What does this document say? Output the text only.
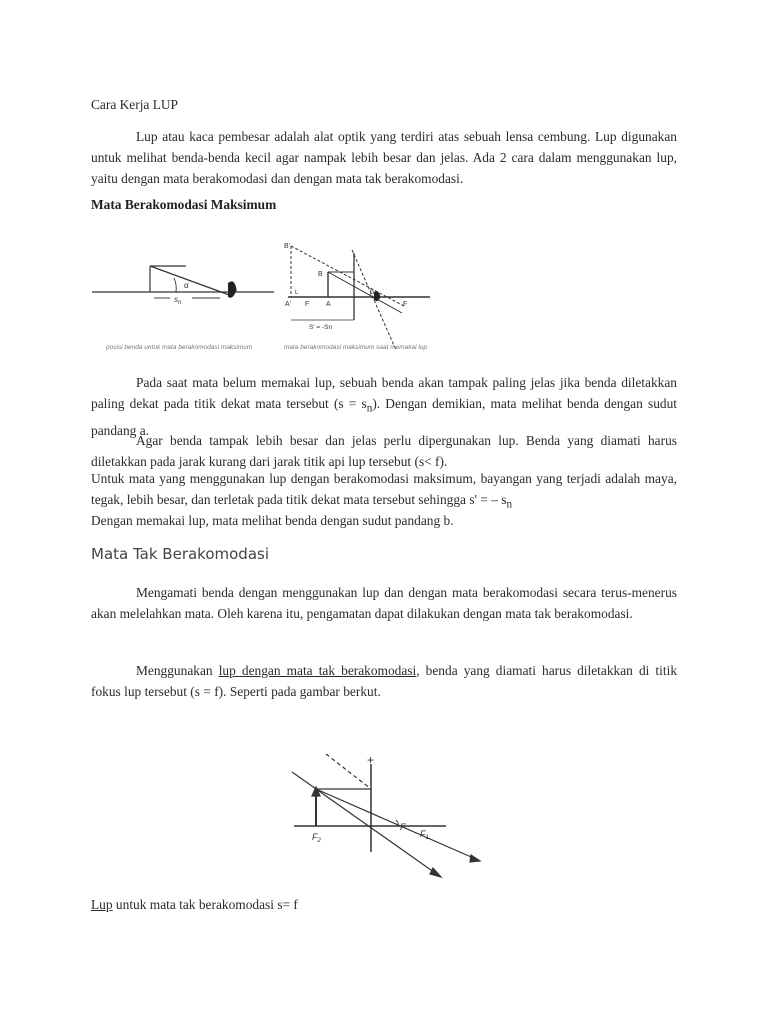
Cara Kerja LUP

Lup atau kaca pembesar adalah alat optik yang terdiri atas sebuah lensa cembung. Lup digunakan untuk melihat benda-benda kecil agar nampak lebih besar dan jelas. Ada 2 cara dalam menggunakan lup, yaitu dengan mata berakomodasi dan dengan mata tak berakomodasi.

Mata Berakomodasi Maksimum

α
$s_n$
posisi benda untuk mata berakomodasi maksimum
B'
B
L
A' F A	F
β
S' = -Sn
mata berakomodasi maksimum saat memakai lup

Pada saat mata belum memakai lup, sebuah benda akan tampak paling jelas jika benda diletakkan paling dekat pada titik dekat mata tersebut $(s = s_n)$. Dengan demikian, mata melihat benda dengan sudut pandang a.

Agar benda tampak lebih besar dan jelas perlu dipergunakan lup. Benda yang diamati harus diletakkan pada jarak kurang dari jarak titik api lup tersebut (s< f).

Untuk mata yang menggunakan lup dengan berakomodasi maksimum, bayangan yang terjadi adalah maya, tegak, lebih besar, dan terletak pada titik dekat mata tersebut sehingga s' = – $s_n$

Dengan memakai lup, mata melihat benda dengan sudut pandang b.

Mata Tak Berakomodasi

Mengamati benda dengan menggunakan lup dan dengan mata berakomodasi secara terus-menerus akan melelahkan mata. Oleh karena itu, pengamatan dapat dilakukan dengan mata tak berakomodasi.

Menggunakan lup dengan mata tak berakomodasi, benda yang diamati harus diletakkan di titik fokus lup tersebut (s = f). Seperti pada gambar berkut.

+
$F_2$
$F_1$
F

Lup untuk mata tak berakomodasi s= f
